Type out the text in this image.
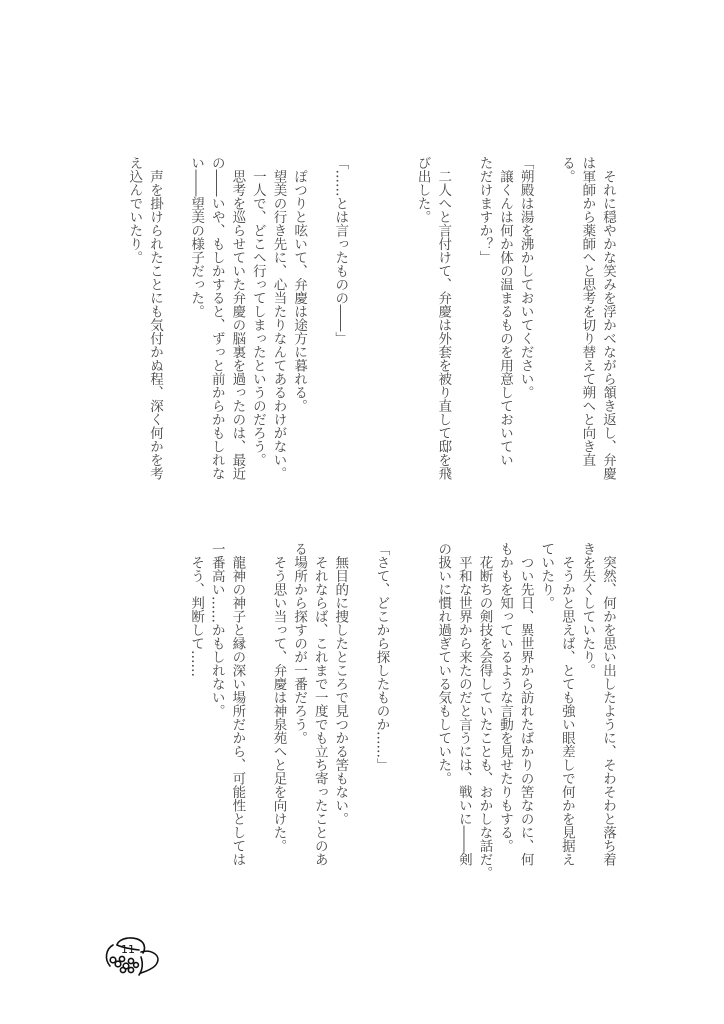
　それに穏やかな笑みを浮かべながら頷き返し、弁慶
は軍師から薬師へと思考を切り替えて朔へと向き直
る。
「朔殿は湯を沸かしておいてください。
　譲くんは何か体の温まるものを用意しておいてい
ただけますか？」
　二人へと言付けて、弁慶は外套を被り直して邸を飛
び出した。
「……とは言ったものの――」
　ぽつりと呟いて、弁慶は途方に暮れる。
　望美の行き先に、心当たりなんてあるわけがない。
　一人で、どこへ行ってしまったというのだろう。
　思考を巡らせていた弁慶の脳裏を過ったのは、最近
の――いや、もしかすると、ずっと前からかもしれな
い――望美の様子だった。
　声を掛けられたことにも気付かぬ程、深く何かを考
え込んでいたり。
　突然、何かを思い出したように、そわそわと落ち着
きを失くしていたり。
　そうかと思えば、とても強い眼差しで何かを見据え
ていたり。
　つい先日、異世界から訪れたばかりの筈なのに、何
もかもを知っているような言動を見せたりもする。
　花断ちの剣技を会得していたことも、おかしな話だ。
　平和な世界から来たのだと言うには、戦いに――剣
の扱いに慣れ過ぎている気もしていた。
「さて、どこから探したものか……」
　無目的に捜したところで見つかる筈もない。
　それならば、これまで一度でも立ち寄ったことのあ
る場所から探すのが一番だろう。
　そう思い当って、弁慶は神泉苑へと足を向けた。
　龍神の神子と縁の深い場所だから、可能性としては
一番高い……かもしれない。
　そう、判断して……
11
